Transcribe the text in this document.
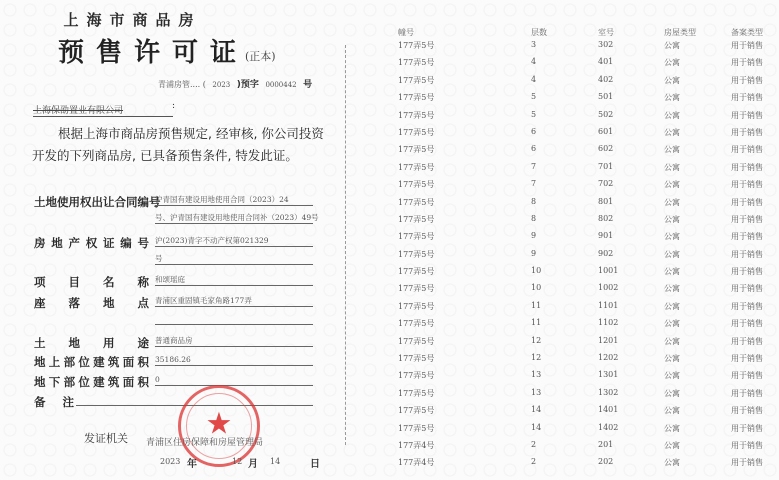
上海市商品房
预售许可证
(正本)
青浦房管.... ( 2023 )预字 0000442 号
上海保劭置业有限公司	:
根据上海市商品房预售规定, 经审核, 你公司投资开发的下列商品房, 已具备预售条件, 特发此证。
土地使用权出让合同编号
沪青国有建设用地使用合同（2023）24
号、沪青国有建设用地使用合同补（2023）49号
房 地 产 权 证 编 号 沪(2023)青字不动产权第021329
号
项 目 名 称 和颂瑶庭
座 落 地 点 青浦区重固镇毛家角路177弄
土 地 用 途 普通商品房
地 上 部 位 建 筑 面 积 35186.26
地 下 部 位 建 筑 面 积 0
备 注
★
发证机关 青浦区住房保障和房屋管理局
2023 年	12 月 14	日
幢号	层数	室号	房屋类型	备案类型
177弄5号	3	302	公寓	用于销售
177弄5号	4	401	公寓	用于销售
177弄5号	4	402	公寓	用于销售
177弄5号	5	501	公寓	用于销售
177弄5号	5	502	公寓	用于销售
177弄5号	6	601	公寓	用于销售
177弄5号	6	602	公寓	用于销售
177弄5号	7	701	公寓	用于销售
177弄5号	7	702	公寓	用于销售
177弄5号	8	801	公寓	用于销售
177弄5号	8	802	公寓	用于销售
177弄5号	9	901	公寓	用于销售
177弄5号	9	902	公寓	用于销售
177弄5号	10	1001	公寓	用于销售
177弄5号	10	1002	公寓	用于销售
177弄5号	11	1101	公寓	用于销售
177弄5号	11	1102	公寓	用于销售
177弄5号	12	1201	公寓	用于销售
177弄5号	12	1202	公寓	用于销售
177弄5号	13	1301	公寓	用于销售
177弄5号	13	1302	公寓	用于销售
177弄5号	14	1401	公寓	用于销售
177弄5号	14	1402	公寓	用于销售
177弄4号	2	201	公寓	用于销售
177弄4号	2	202	公寓	用于销售
